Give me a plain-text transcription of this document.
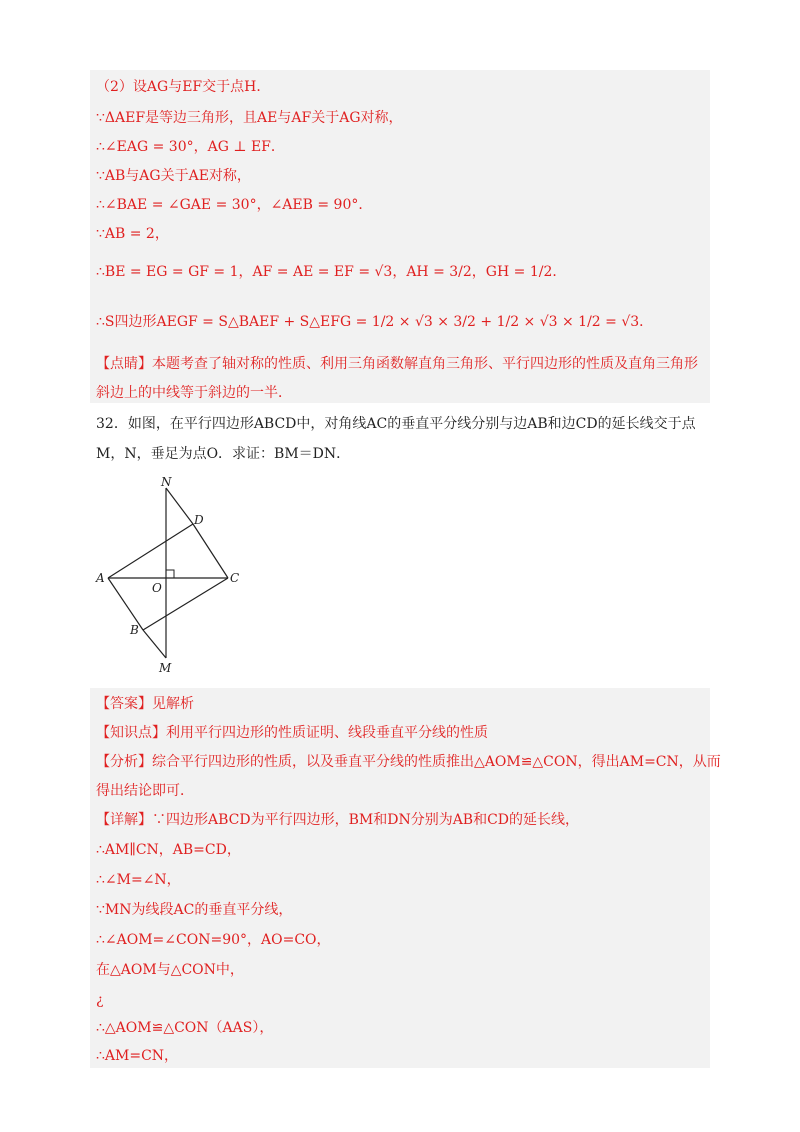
（2）设AG与EF交于点H．
∵ΔAEF是等边三角形，且AE与AF关于AG对称，
∴∠EAG = 30°，AG ⊥ EF．
∵AB与AG关于AE对称，
∴∠BAE = ∠GAE = 30°，∠AEB = 90°．
∵AB = 2，
∴BE = EG = GF = 1，AF = AE = EF = √3，AH = 3/2，GH = 1/2．
∴S四边形AEGF = S△BAEF + S△EFG = 1/2 × √3 × 3/2 + 1/2 × √3 × 1/2 = √3．
【点睛】本题考查了轴对称的性质、利用三角函数解直角三角形、平行四边形的性质及直角三角形
斜边上的中线等于斜边的一半．
32．如图，在平行四边形ABCD中，对角线AC的垂直平分线分别与边AB和边CD的延长线交于点
M，N，垂足为点O．求证：BM＝DN．
N
D
A
O
C
B
M
【答案】见解析
【知识点】利用平行四边形的性质证明、线段垂直平分线的性质
【分析】综合平行四边形的性质，以及垂直平分线的性质推出△AOM≌△CON，得出AM=CN，从而
得出结论即可．
【详解】∵四边形ABCD为平行四边形，BM和DN分别为AB和CD的延长线，
∴AM∥CN，AB=CD，
∴∠M=∠N，
∵MN为线段AC的垂直平分线，
∴∠AOM=∠CON=90°，AO=CO，
在△AOM与△CON中，
¿
∴△AOM≌△CON（AAS），
∴AM=CN，
